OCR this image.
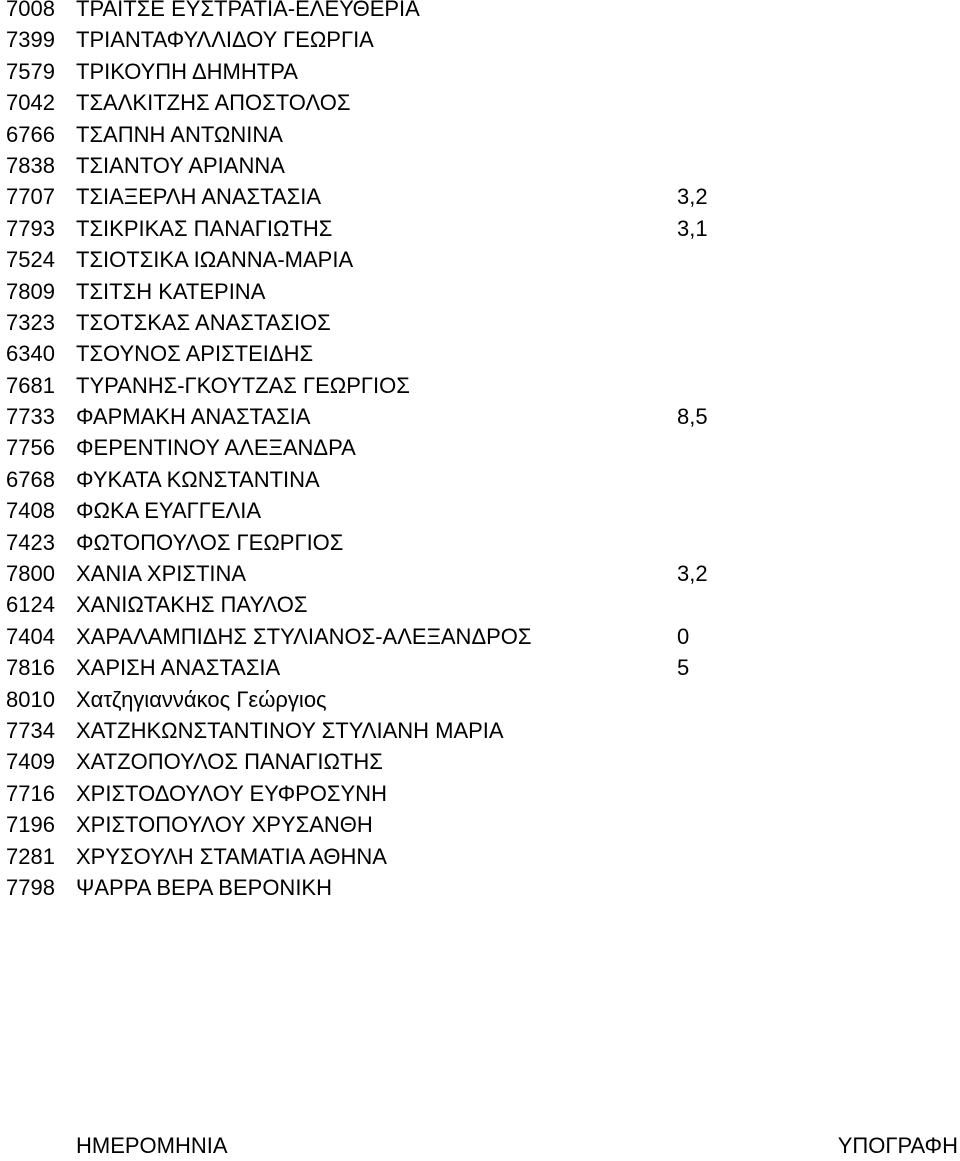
7008 ΤΡΑΙΤΣΕ ΕΥΣΤΡΑΤΙΑ-ΕΛΕΥΘΕΡΙΑ
7399 ΤΡΙΑΝΤΑΦΥΛΛΙΔΟΥ ΓΕΩΡΓΙΑ
7579 ΤΡΙΚΟΥΠΗ ΔΗΜΗΤΡΑ
7042 ΤΣΑΛΚΙΤΖΗΣ ΑΠΟΣΤΟΛΟΣ
6766 ΤΣΑΠΝΗ ΑΝΤΩΝΙΝΑ
7838 ΤΣΙΑΝΤΟΥ ΑΡΙΑΝΝΑ
7707 ΤΣΙΑΞΕΡΛΗ ΑΝΑΣΤΑΣΙΑ	3,2
7793 ΤΣΙΚΡΙΚΑΣ ΠΑΝΑΓΙΩΤΗΣ	3,1
7524 ΤΣΙΟΤΣΙΚΑ ΙΩΑΝΝΑ-ΜΑΡΙΑ
7809 ΤΣΙΤΣΗ ΚΑΤΕΡΙΝΑ
7323 ΤΣΟΤΣΚΑΣ ΑΝΑΣΤΑΣΙΟΣ
6340 ΤΣΟΥΝΟΣ ΑΡΙΣΤΕΙΔΗΣ
7681 ΤΥΡΑΝΗΣ-ΓΚΟΥΤΖΑΣ ΓΕΩΡΓΙΟΣ
7733 ΦΑΡΜΑΚΗ ΑΝΑΣΤΑΣΙΑ	8,5
7756 ΦΕΡΕΝΤΙΝΟΥ ΑΛΕΞΑΝΔΡΑ
6768 ΦΥΚΑΤΑ ΚΩΝΣΤΑΝΤΙΝΑ
7408 ΦΩΚΑ ΕΥΑΓΓΕΛΙΑ
7423 ΦΩΤΟΠΟΥΛΟΣ ΓΕΩΡΓΙΟΣ
7800 ΧΑΝΙΑ ΧΡΙΣΤΙΝΑ	3,2
6124 ΧΑΝΙΩΤΑΚΗΣ ΠΑΥΛΟΣ
7404 ΧΑΡΑΛΑΜΠΙΔΗΣ ΣΤΥΛΙΑΝΟΣ-ΑΛΕΞΑΝΔΡΟΣ	0
7816 ΧΑΡΙΣΗ ΑΝΑΣΤΑΣΙΑ	5
8010 Χατζηγιαννάκος Γεώργιος
7734 ΧΑΤΖΗΚΩΝΣΤΑΝΤΙΝΟΥ ΣΤΥΛΙΑΝΗ ΜΑΡΙΑ
7409 ΧΑΤΖΟΠΟΥΛΟΣ ΠΑΝΑΓΙΩΤΗΣ
7716 ΧΡΙΣΤΟΔΟΥΛΟΥ ΕΥΦΡΟΣΥΝΗ
7196 ΧΡΙΣΤΟΠΟΥΛΟΥ ΧΡΥΣΑΝΘΗ
7281 ΧΡΥΣΟΥΛΗ ΣΤΑΜΑΤΙΑ ΑΘΗΝΑ
7798 ΨΑΡΡΑ ΒΕΡΑ ΒΕΡΟΝΙΚΗ
ΗΜΕΡΟΜΗΝΙΑ	ΥΠΟΓΡΑΦΗ
